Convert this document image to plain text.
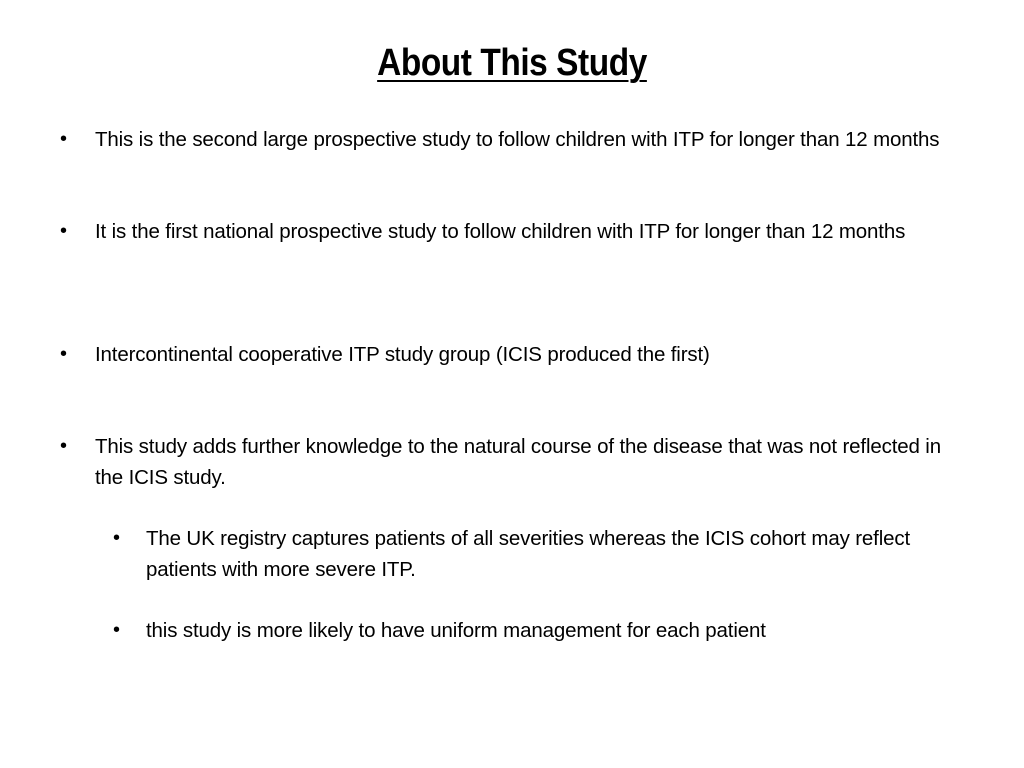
About This Study
•	This is the second large prospective study to follow children with ITP for longer than 12 months
•	It is the first national prospective study to follow children with ITP for longer than 12 months
•	Intercontinental cooperative ITP study group (ICIS produced the first)
•	This study adds further knowledge to the natural course of the disease that was not reflected in the ICIS study.
•	The UK registry captures patients of all severities whereas the ICIS cohort may reflect patients with more severe ITP.
•	this study is more likely to have uniform management for each patient
